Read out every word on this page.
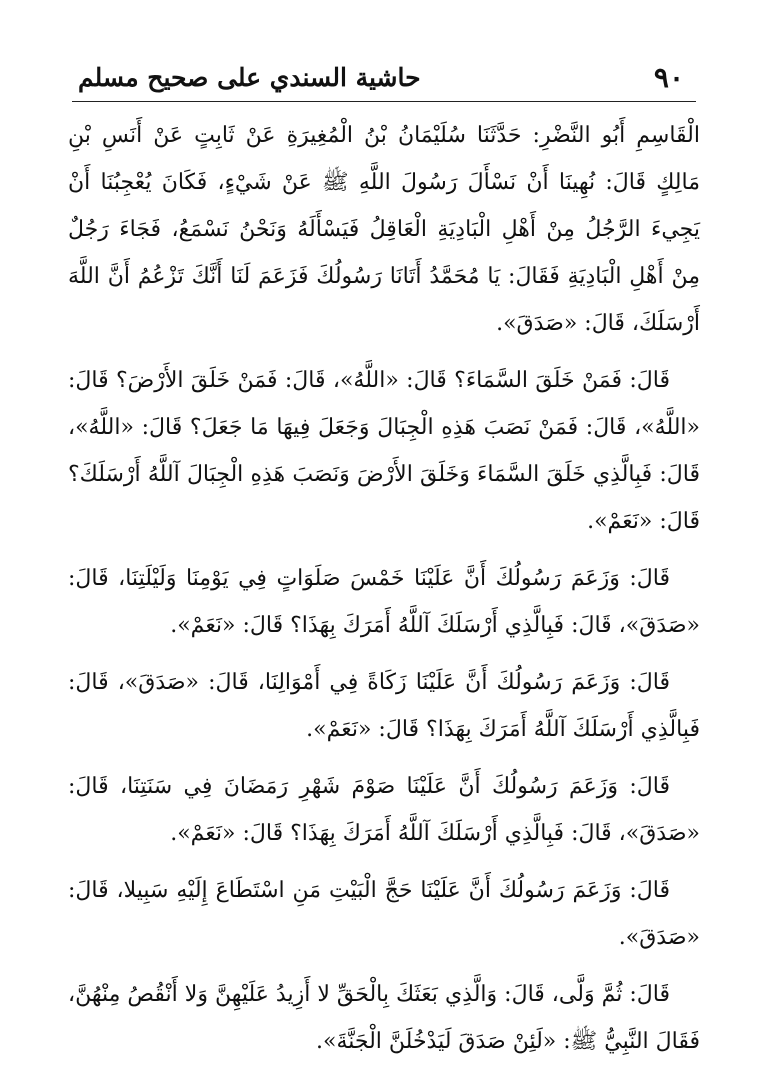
٩٠
حاشية السندي على صحيح مسلم

الْقَاسِمِ أَبُو النَّضْرِ: حَدَّثَنَا سُلَيْمَانُ بْنُ الْمُغِيرَةِ عَنْ ثَابِتٍ عَنْ أَنَسِ بْنِ مَالِكٍ قَالَ: نُهِينَا أَنْ نَسْأَلَ رَسُولَ اللَّهِ ﷺ عَنْ شَيْءٍ، فَكَانَ يُعْجِبُنَا أَنْ يَجِيءَ الرَّجُلُ مِنْ أَهْلِ الْبَادِيَةِ الْعَاقِلُ فَيَسْأَلَهُ وَنَحْنُ نَسْمَعُ، فَجَاءَ رَجُلٌ مِنْ أَهْلِ الْبَادِيَةِ فَقَالَ: يَا مُحَمَّدُ أَتَانَا رَسُولُكَ فَزَعَمَ لَنَا أَنَّكَ تَزْعُمُ أَنَّ اللَّهَ أَرْسَلَكَ، قَالَ: «صَدَقَ».

قَالَ: فَمَنْ خَلَقَ السَّمَاءَ؟ قَالَ: «اللَّهُ»، قَالَ: فَمَنْ خَلَقَ الأَرْضَ؟ قَالَ: «اللَّهُ»، قَالَ: فَمَنْ نَصَبَ هَذِهِ الْجِبَالَ وَجَعَلَ فِيهَا مَا جَعَلَ؟ قَالَ: «اللَّهُ»، قَالَ: فَبِالَّذِي خَلَقَ السَّمَاءَ وَخَلَقَ الأَرْضَ وَنَصَبَ هَذِهِ الْجِبَالَ آللَّهُ أَرْسَلَكَ؟ قَالَ: «نَعَمْ».

قَالَ: وَزَعَمَ رَسُولُكَ أَنَّ عَلَيْنَا خَمْسَ صَلَوَاتٍ فِي يَوْمِنَا وَلَيْلَتِنَا، قَالَ: «صَدَقَ»، قَالَ: فَبِالَّذِي أَرْسَلَكَ آللَّهُ أَمَرَكَ بِهَذَا؟ قَالَ: «نَعَمْ».

قَالَ: وَزَعَمَ رَسُولُكَ أَنَّ عَلَيْنَا زَكَاةً فِي أَمْوَالِنَا، قَالَ: «صَدَقَ»، قَالَ: فَبِالَّذِي أَرْسَلَكَ آللَّهُ أَمَرَكَ بِهَذَا؟ قَالَ: «نَعَمْ».

قَالَ: وَزَعَمَ رَسُولُكَ أَنَّ عَلَيْنَا صَوْمَ شَهْرِ رَمَضَانَ فِي سَنَتِنَا، قَالَ: «صَدَقَ»، قَالَ: فَبِالَّذِي أَرْسَلَكَ آللَّهُ أَمَرَكَ بِهَذَا؟ قَالَ: «نَعَمْ».

قَالَ: وَزَعَمَ رَسُولُكَ أَنَّ عَلَيْنَا حَجَّ الْبَيْتِ مَنِ اسْتَطَاعَ إِلَيْهِ سَبِيلا، قَالَ: «صَدَقَ».

قَالَ: ثُمَّ وَلَّى، قَالَ: وَالَّذِي بَعَثَكَ بِالْحَقِّ لا أَزِيدُ عَلَيْهِنَّ وَلا أَنْقُصُ مِنْهُنَّ، فَقَالَ النَّبِيُّ ﷺ: «لَئِنْ صَدَقَ لَيَدْخُلَنَّ الْجَنَّةَ».
